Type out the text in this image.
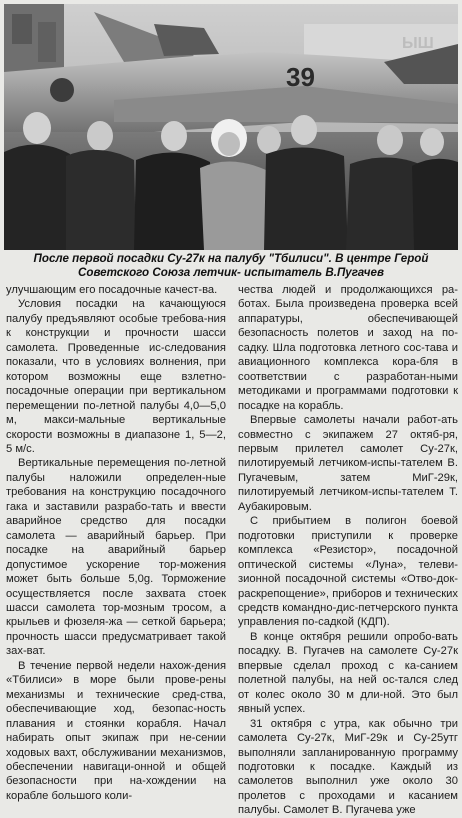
ЫШ
39
После первой посадки Су-27к на палубу "Тбилиси". В центре Герой Советского Союза летчик- испытатель В.Пугачев

улучшающим его посадочные качест-ва.

Условия посадки на качающуюся палубу предъявляют особые требова-ния к конструкции и прочности шасси самолета. Проведенные ис-следования показали, что в условиях волнения, при котором возможны еще взлетно-посадочные операции при вертикальном перемещении по-летной палубы 4,0—5,0 м, макси-мальные вертикальные скорости возможны в диапазоне 1, 5—2, 5 м/с.

Вертикальные перемещения по-летной палубы наложили определен-ные требования на конструкцию посадочного гака и заставили разрабо-тать и ввести аварийное средство для посадки самолета — аварийный барьер. При посадке на аварийный барьер допустимое ускорение тор-можения может быть больше 5,0g. Торможение осуществляется после захвата стоек шасси самолета тор-мозным тросом, а крыльев и фюзеля-жа — сеткой барьера; прочность шасси предусматривает такой зах-ват.

В течение первой недели нахож-дения «Тбилиси» в море были прове-рены механизмы и технические сред-ства, обеспечивающие ход, безопас-ность плавания и стоянки корабля. Начал набирать опыт экипаж при не-сении ходовых вахт, обслуживании механизмов, обеспечении навигаци-онной и общей безопасности при на-хождении на корабле большого коли-

чества людей и продолжающихся ра-ботах. Была произведена проверка всей аппаратуры, обеспечивающей безопасность полетов и заход на по-садку. Шла подготовка летного сос-тава и авиационного комплекса кора-бля в соответствии с разработан-ными методиками и программами подготовки к посадке на корабль.

Впервые самолеты начали работ-ать совместно с экипажем 27 октяб-ря, первым прилетел самолет Су-27к, пилотируемый летчиком-испы-тателем В. Пугачевым, затем МиГ-29к, пилотируемый летчиком-испы-тателем Т. Аубакировым.

С прибытием в полигон боевой подготовки приступили к проверке комплекса «Резистор», посадочной оптической системы «Луна», телеви-зионной посадочной системы «Отво-док-раскрепощение», приборов и технических средств командно-дис-петчерского пункта управления по-садкой (КДП).

В конце октября решили опробо-вать посадку. В. Пугачев на самолете Су-27к впервые сделал проход с ка-санием полетной палубы, на ней ос-тался след от колес около 30 м дли-ной. Это был явный успех.

31 октября с утра, как обычно три самолета Су-27к, МиГ-29к и Су-25утг выполняли запланированную программу подготовки к посадке. Каждый из самолетов выполнил уже около 30 пролетов с проходами и касанием палубы. Самолет В. Пугачева уже
